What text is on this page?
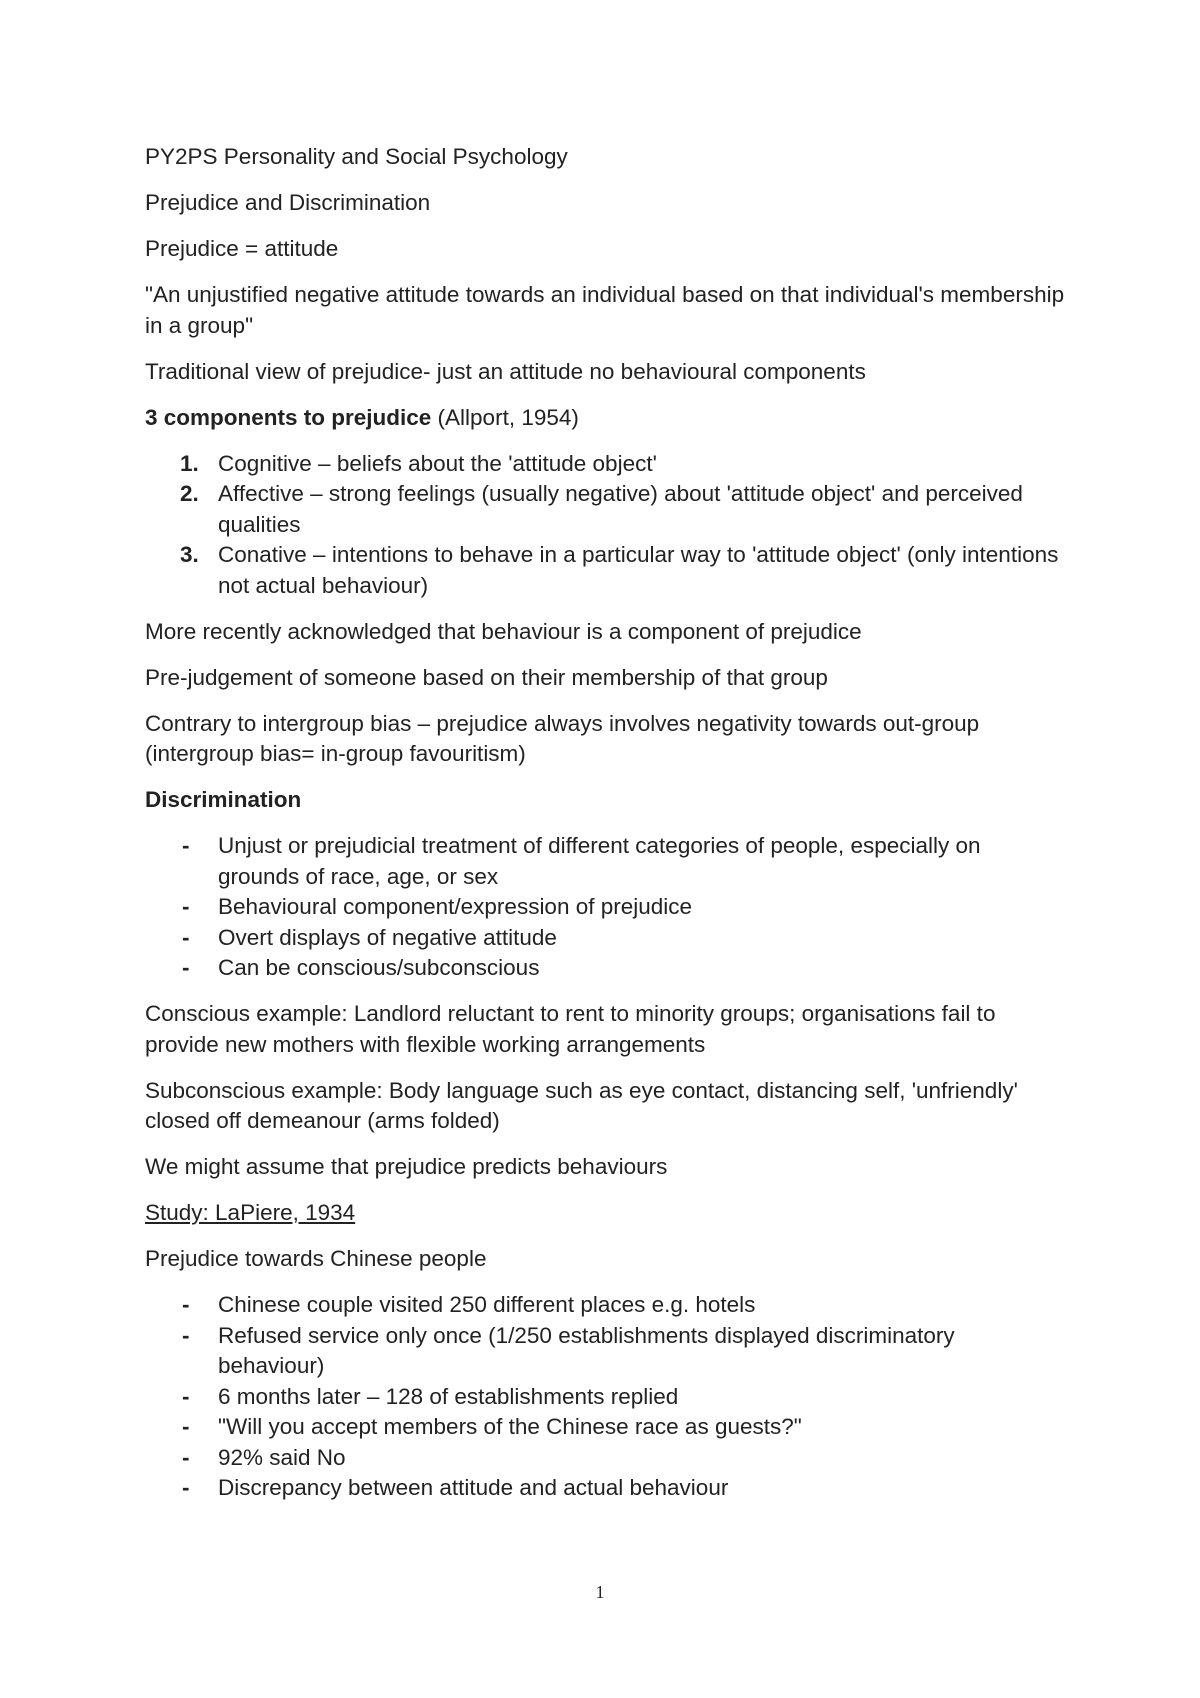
PY2PS Personality and Social Psychology

Prejudice and Discrimination

Prejudice = attitude

"An unjustified negative attitude towards an individual based on that individual's membership in a group"

Traditional view of prejudice- just an attitude no behavioural components

3 components to prejudice (Allport, 1954)

1. Cognitive – beliefs about the 'attitude object'
2. Affective – strong feelings (usually negative) about 'attitude object' and perceived qualities
3. Conative – intentions to behave in a particular way to 'attitude object' (only intentions not actual behaviour)

More recently acknowledged that behaviour is a component of prejudice

Pre-judgement of someone based on their membership of that group

Contrary to intergroup bias – prejudice always involves negativity towards out-group (intergroup bias= in-group favouritism)

Discrimination

- Unjust or prejudicial treatment of different categories of people, especially on grounds of race, age, or sex
- Behavioural component/expression of prejudice
- Overt displays of negative attitude
- Can be conscious/subconscious

Conscious example: Landlord reluctant to rent to minority groups; organisations fail to provide new mothers with flexible working arrangements

Subconscious example: Body language such as eye contact, distancing self, 'unfriendly' closed off demeanour (arms folded)

We might assume that prejudice predicts behaviours

Study: LaPiere, 1934

Prejudice towards Chinese people

- Chinese couple visited 250 different places e.g. hotels
- Refused service only once (1/250 establishments displayed discriminatory behaviour)
- 6 months later – 128 of establishments replied
- "Will you accept members of the Chinese race as guests?"
- 92% said No
- Discrepancy between attitude and actual behaviour
1
